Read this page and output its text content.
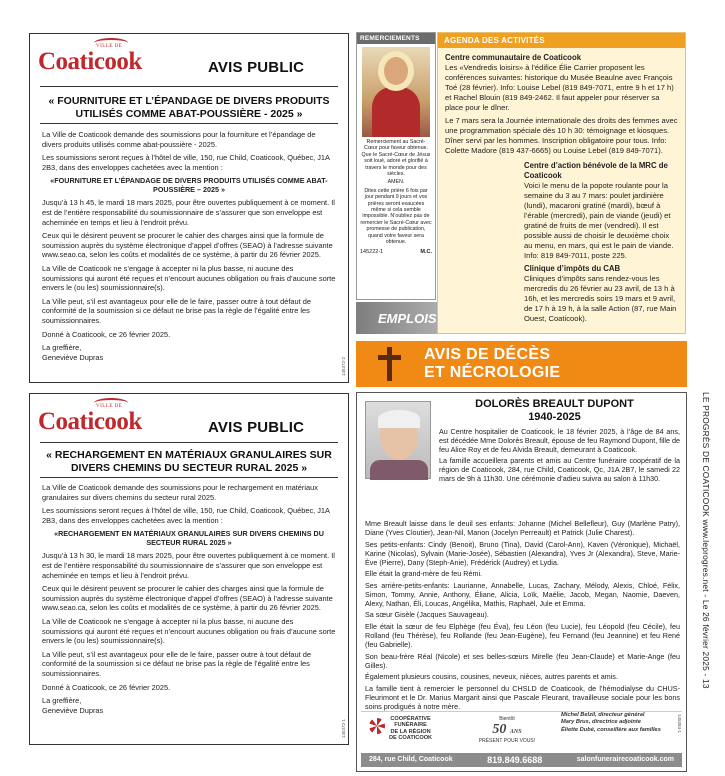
VILLE DE
Coaticook	AVIS PUBLIC
« FOURNITURE ET L’ÉPANDAGE DE DIVERS PRODUITS UTILISÉS COMME ABAT-POUSSIÈRE - 2025 »

La Ville de Coaticook demande des soumissions pour la fourniture et l’épandage de divers produits utilisés comme abat-poussière - 2025.

Les soumissions seront reçues à l’hôtel de ville, 150, rue Child, Coaticook, Québec, J1A 2B3, dans des enveloppes cachetées avec la mention :

«FOURNITURE ET L’ÉPANDAGE DE DIVERS PRODUITS UTILISÉS COMME ABAT-POUSSIÈRE – 2025 »

Jusqu’à 13 h 45, le mardi 18 mars 2025, pour être ouvertes publiquement à ce moment. Il est de l’entière responsabilité du soumissionnaire de s’assurer que son enveloppe est acheminée en temps et lieu à l’endroit prévu.

Ceux qui le désirent peuvent se procurer le cahier des charges ainsi que la formule de soumission auprès du système électronique d’appel d’offres (SEAO) à l’adresse suivante www.seao.ca, selon les coûts et modalités de ce système, à partir du 26 février 2025.

La Ville de Coaticook ne s’engage à accepter ni la plus basse, ni aucune des soumissions qui auront été reçues et n’encourt aucunes obligation ou frais d’aucune sorte envers le (ou les) soumissionnaire(s).

La Ville peut, s’il est avantageux pour elle de le faire, passer outre à tout défaut de conformité de la soumission si ce défaut ne brise pas la règle de l’égalité entre les soumissionnaires.

Donné à Coaticook, ce 26 février 2025.

La greffière,
Geneviève Dupras	145372-2
VILLE DE
Coaticook	AVIS PUBLIC
« RECHARGEMENT EN MATÉRIAUX GRANULAIRES SUR DIVERS CHEMINS DU SECTEUR RURAL 2025 »

La Ville de Coaticook demande des soumissions pour le rechargement en matériaux granulaires sur divers chemins du secteur rural 2025.

Les soumissions seront reçues à l’hôtel de ville, 150, rue Child, Coaticook, Québec, J1A 2B3, dans des enveloppes cachetées avec la mention :

«RECHARGEMENT EN MATÉRIAUX GRANULAIRES SUR DIVERS CHEMINS DU SECTEUR RURAL 2025 »

Jusqu’à 13 h 30, le mardi 18 mars 2025, pour être ouvertes publiquement à ce moment. Il est de l’entière responsabilité du soumissionnaire de s’assurer que son enveloppe est acheminée en temps et lieu à l’endroit prévu.

Ceux qui le désirent peuvent se procurer le cahier des charges ainsi que la formule de soumission auprès du système électronique d’appel d’offres (SEAO) à l’adresse suivante www.seao.ca, selon les coûts et modalités de ce système, à partir du 26 février 2025.

La Ville de Coaticook ne s’engage à accepter ni la plus basse, ni aucune des soumissions qui auront été reçues et n’encourt aucunes obligation ou frais d’aucune sorte envers le (ou les) soumissionnaire(s).

La Ville peut, s’il est avantageux pour elle de le faire, passer outre à tout défaut de conformité de la soumission si ce défaut ne brise pas la règle de l’égalité entre les soumissionnaires.

Donné à Coaticook, ce 26 février 2025.

La greffière,
Geneviève Dupras
145372-1
REMERCIEMENTS
Remerciement au Sacré-Cœur pour faveur obtenue. Que le Sacré-Cœur de Jésus soit loué, adoré et glorifié à travers le monde pour des siècles.
AMEN.
Dites cette prière 6 fois par jour pendant 9 jours et vos prières seront exaucées même si cela semble impossible. N’oubliez pas de remercier le Sacré-Cœur avec promesse de publication, quand votre faveur sera obtenue.
145222-1	M.C.
EMPLOIS
AGENDA DES ACTIVITÉS
Centre communautaire de Coaticook
Les «Vendredis loisirs» à l’édifice Élie Carrier proposent les conférences suivantes: historique du Musée Beaulne avec François Toé (28 février). Info: Louise Lebel (819 849-7071, entre 9 h et 17 h) et Rachel Blouin (819 849-2462. Il faut appeler pour réserver sa place pour le dîner.
Le 7 mars sera la Journée internationale des droits des femmes avec une programmation spéciale dès 10 h 30: témoignage et kiosques. Dîner servi par les hommes. Inscription obligatoire pour tous. Info: Colette Madore (819 437-6665) ou Louise Lebel (819 849-7071).
Centre d’action bénévole de la MRC de Coaticook
Voici le menu de la popote roulante pour la semaine du 3 au 7 mars: poulet jardinière (lundi), macaroni gratiné (mardi), bœuf à l’érable (mercredi), pain de viande (jeudi) et gratiné de fruits de mer (vendredi). Il est possible aussi de choisir le deuxième choix au menu, en mars, qui est le pain de viande. Info: 819 849-7011, poste 225.
Clinique d’impôts du CAB
Cliniques d’impôts sans rendez-vous les mercredis du 26 février au 23 avril, de 13 h à 16h, et les mercredis soirs 19 mars et 9 avril, de 17 h à 19 h, à la salle Action (87, rue Main Ouest, Coaticook).
AVIS DE DÉCÈS
ET NÉCROLOGIE
DOLORÈS BREAULT DUPONT
1940-2025

Au Centre hospitalier de Coaticook, le 18 février 2025, à l’âge de 84 ans, est décédée Mme Dolorès Breault, épouse de feu Raymond Dupont, fille de feu Alice Roy et de feu Alvida Breault, demeurant à Coaticook.

La famille accueillera parents et amis au Centre funéraire coopératif de la région de Coaticook, 284, rue Child, Coaticook, Qc, J1A 2B7, le samedi 22 mars de 9h à 11h30. Une cérémonie d’adieu suivra au salon à 11h30.

Mme Breault laisse dans le deuil ses enfants: Johanne (Michel Bellefleur), Guy (Marlène Patry), Diane (Yves Cloutier), Jean-Nil, Manon (Jocelyn Perreault) et Patrick (Julie Charest).

Ses petits-enfants: Cindy (Benoit), Bruno (Tina), David (Carol-Ann), Kaven (Véronique), Michaël, Karine (Nicolas), Sylvain (Marie-Josée), Sébastien (Alexandra), Yves Jr (Alexandra), Steve, Marie-Ève (Pierre), Dany (Steph-Anie), Frédérick (Audrey) et Lydia.

Elle était la grand-mère de feu Rémi.

Ses arrière-petits-enfants: Laurianne, Annabelle, Lucas, Zachary, Mélody, Alexis, Chloé, Félix, Simon, Tommy, Annie, Anthony, Éliane, Alicia, Loïk, Maélie, Jacob, Megan, Naomie, Daeven, Alexy, Nathan, Éli, Loucas, Angélika, Mathis, Raphaël, Jule et Emma.

Sa sœur Gisèle (Jacques Sauvageau).

Elle était la sœur de feu Elphège (feu Éva), feu Léon (feu Lucie), feu Léopold (feu Cécile), feu Rolland (feu Thérèse), feu Rollande (feu Jean-Eugène), feu Fernand (feu Jeannine) et feu René (feu Gabrielle).

Son beau-frère Réal (Nicole) et ses belles-sœurs Mirelle (feu Jean-Claude) et Marie-Ange (feu Gilles).

Également plusieurs cousins, cousines, neveux, nièces, autres parents et amis.

La famille tient à remercier le personnel du CHSLD de Coaticook, de l’hémodialyse du CHUS- Fleurimont et le Dr. Marius Margarit ainsi que Pascale Fleurant, travailleuse sociale pour les bons soins prodigués à notre mère.

COOPÉRATIVE
FUNÉRAIRE
DE LA RÉGION
DE COATICOOK
Bientôt
50 ANS
PRÉSENT POUR VOUS!
Michel Belzil, directeur général
Mary Brus, directrice adjointe
Éliette Dubé, conseillère aux familles	145384-1
284, rue Child, Coaticook	819.849.6688	salonfunerairecoaticook.com
LE PROGRÈS DE COATICOOK www.leprogres.net - Le 26 février 2025 - 13
